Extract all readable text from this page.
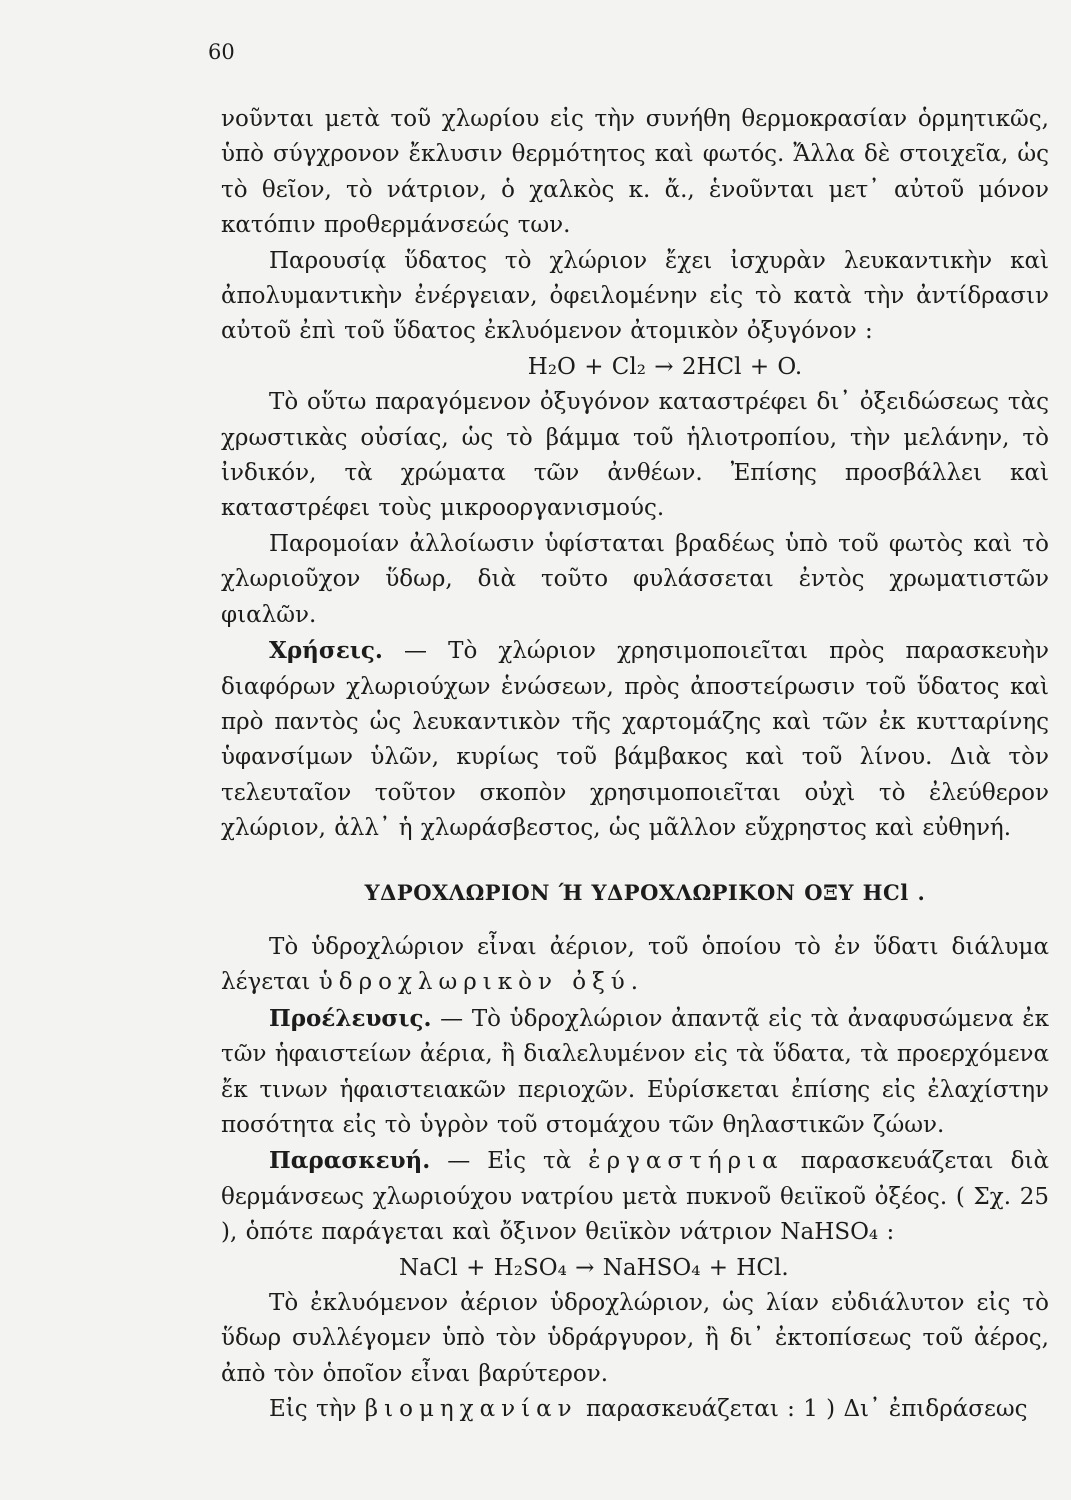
60

νοῦνται μετὰ τοῦ χλωρίου εἰς τὴν συνήθη θερμοκρασίαν ὁρμητικῶς, ὑπὸ σύγχρονον ἔκλυσιν θερμότητος καὶ φωτός. Ἄλλα δὲ στοιχεῖα, ὡς τὸ θεῖον, τὸ νάτριον, ὁ χαλκὸς κ. ἄ., ἑνοῦνται μετ᾽ αὐτοῦ μόνον κατόπιν προθερμάνσεώς των.

Παρουσίᾳ ὕδατος τὸ χλώριον ἔχει ἰσχυρὰν λευκαντικὴν καὶ ἀπολυμαντικὴν ἐνέργειαν, ὀφειλομένην εἰς τὸ κατὰ τὴν ἀντίδρασιν αὐτοῦ ἐπὶ τοῦ ὕδατος ἐκλυόμενον ἀτομικὸν ὀξυγόνον :

H₂O + Cl₂ → 2HCl + O.

Τὸ οὕτω παραγόμενον ὀξυγόνον καταστρέφει δι᾽ ὀξειδώσεως τὰς χρωστικὰς οὐσίας, ὡς τὸ βάμμα τοῦ ἡλιοτροπίου, τὴν μελάνην, τὸ ἰνδικόν, τὰ χρώματα τῶν ἀνθέων. Ἐπίσης προσβάλλει καὶ καταστρέφει τοὺς μικροοργανισμούς.

Παρομοίαν ἀλλοίωσιν ὑφίσταται βραδέως ὑπὸ τοῦ φωτὸς καὶ τὸ χλωριοῦχον ὕδωρ, διὰ τοῦτο φυλάσσεται ἐντὸς χρωματιστῶν φιαλῶν.

Χρήσεις. — Τὸ χλώριον χρησιμοποιεῖται πρὸς παρασκευὴν διαφόρων χλωριούχων ἑνώσεων, πρὸς ἀποστείρωσιν τοῦ ὕδατος καὶ πρὸ παντὸς ὡς λευκαντικὸν τῆς χαρτομάζης καὶ τῶν ἐκ κυτταρίνης ὑφανσίμων ὑλῶν, κυρίως τοῦ βάμβακος καὶ τοῦ λίνου. Διὰ τὸν τελευταῖον τοῦτον σκοπὸν χρησιμοποιεῖται οὐχὶ τὸ ἐλεύθερον χλώριον, ἀλλ᾽ ἡ χλωράσβεστος, ὡς μᾶλλον εὔχρηστος καὶ εὐθηνή.

ΥΔΡΟΧΛΩΡΙΟΝ Ή ΥΔΡΟΧΛΩΡΙΚΟΝ ΟΞΥ HCl .

Τὸ ὑδροχλώριον εἶναι ἀέριον, τοῦ ὁποίου τὸ ἐν ὕδατι διάλυμα λέγεται ὑδροχλωρικὸν ὀξύ.

Προέλευσις. — Τὸ ὑδροχλώριον ἀπαντᾷ εἰς τὰ ἀναφυσώμενα ἐκ τῶν ἡφαιστείων ἀέρια, ἢ διαλελυμένον εἰς τὰ ὕδατα, τὰ προερχόμενα ἔκ τινων ἡφαιστειακῶν περιοχῶν. Εὑρίσκεται ἐπίσης εἰς ἐλαχίστην ποσότητα εἰς τὸ ὑγρὸν τοῦ στομάχου τῶν θηλαστικῶν ζώων.

Παρασκευή. — Εἰς τὰ ἐργαστήρια παρασκευάζεται διὰ θερμάνσεως χλωριούχου νατρίου μετὰ πυκνοῦ θειϊκοῦ ὀξέος. ( Σχ. 25 ), ὁπότε παράγεται καὶ ὄξινον θειϊκὸν νάτριον NaHSO₄ :

NaCl + H₂SO₄ → NaHSO₄ + HCl.

Τὸ ἐκλυόμενον ἀέριον ὑδροχλώριον, ὡς λίαν εὐδιάλυτον εἰς τὸ ὕδωρ συλλέγομεν ὑπὸ τὸν ὑδράργυρον, ἢ δι᾽ ἐκτοπίσεως τοῦ ἀέρος, ἀπὸ τὸν ὁποῖον εἶναι βαρύτερον.

Εἰς τὴν βιομηχανίαν παρασκευάζεται : 1 ) Δι᾽ ἐπιδράσεως
